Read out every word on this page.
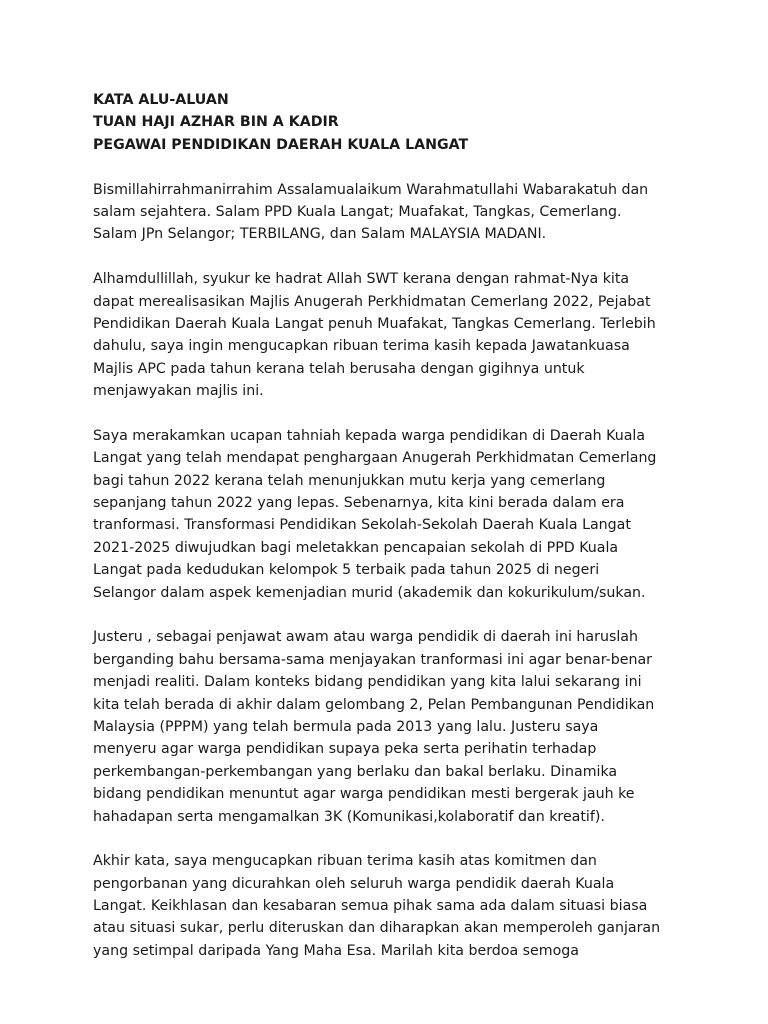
KATA ALU-ALUAN
TUAN HAJI AZHAR BIN A KADIR
PEGAWAI PENDIDIKAN DAERAH KUALA LANGAT
Bismillahirrahmanirrahim Assalamualaikum Warahmatullahi Wabarakatuh dan
salam sejahtera. Salam PPD Kuala Langat; Muafakat, Tangkas, Cemerlang.
Salam JPn Selangor; TERBILANG, dan Salam MALAYSIA MADANI.
Alhamdullillah, syukur ke hadrat Allah SWT kerana dengan rahmat-Nya kita
dapat merealisasikan Majlis Anugerah Perkhidmatan Cemerlang 2022, Pejabat
Pendidikan Daerah Kuala Langat penuh Muafakat, Tangkas Cemerlang. Terlebih
dahulu, saya ingin mengucapkan ribuan terima kasih kepada Jawatankuasa
Majlis APC pada tahun kerana telah berusaha dengan gigihnya untuk
menjawyakan majlis ini.
Saya merakamkan ucapan tahniah kepada warga pendidikan di Daerah Kuala
Langat yang telah mendapat penghargaan Anugerah Perkhidmatan Cemerlang
bagi tahun 2022 kerana telah menunjukkan mutu kerja yang cemerlang
sepanjang tahun 2022 yang lepas. Sebenarnya, kita kini berada dalam era
tranformasi. Transformasi Pendidikan Sekolah-Sekolah Daerah Kuala Langat
2021-2025 diwujudkan bagi meletakkan pencapaian sekolah di PPD Kuala
Langat pada kedudukan kelompok 5 terbaik pada tahun 2025 di negeri
Selangor dalam aspek kemenjadian murid (akademik dan kokurikulum/sukan.
Justeru , sebagai penjawat awam atau warga pendidik di daerah ini haruslah
berganding bahu bersama-sama menjayakan tranformasi ini agar benar-benar
menjadi realiti. Dalam konteks bidang pendidikan yang kita lalui sekarang ini
kita telah berada di akhir dalam gelombang 2, Pelan Pembangunan Pendidikan
Malaysia (PPPM) yang telah bermula pada 2013 yang lalu. Justeru saya
menyeru agar warga pendidikan supaya peka serta perihatin terhadap
perkembangan-perkembangan yang berlaku dan bakal berlaku. Dinamika
bidang pendidikan menuntut agar warga pendidikan mesti bergerak jauh ke
hahadapan serta mengamalkan 3K (Komunikasi,kolaboratif dan kreatif).
Akhir kata, saya mengucapkan ribuan terima kasih atas komitmen dan
pengorbanan yang dicurahkan oleh seluruh warga pendidik daerah Kuala
Langat. Keikhlasan dan kesabaran semua pihak sama ada dalam situasi biasa
atau situasi sukar, perlu diteruskan dan diharapkan akan memperoleh ganjaran
yang setimpal daripada Yang Maha Esa. Marilah kita berdoa semoga
